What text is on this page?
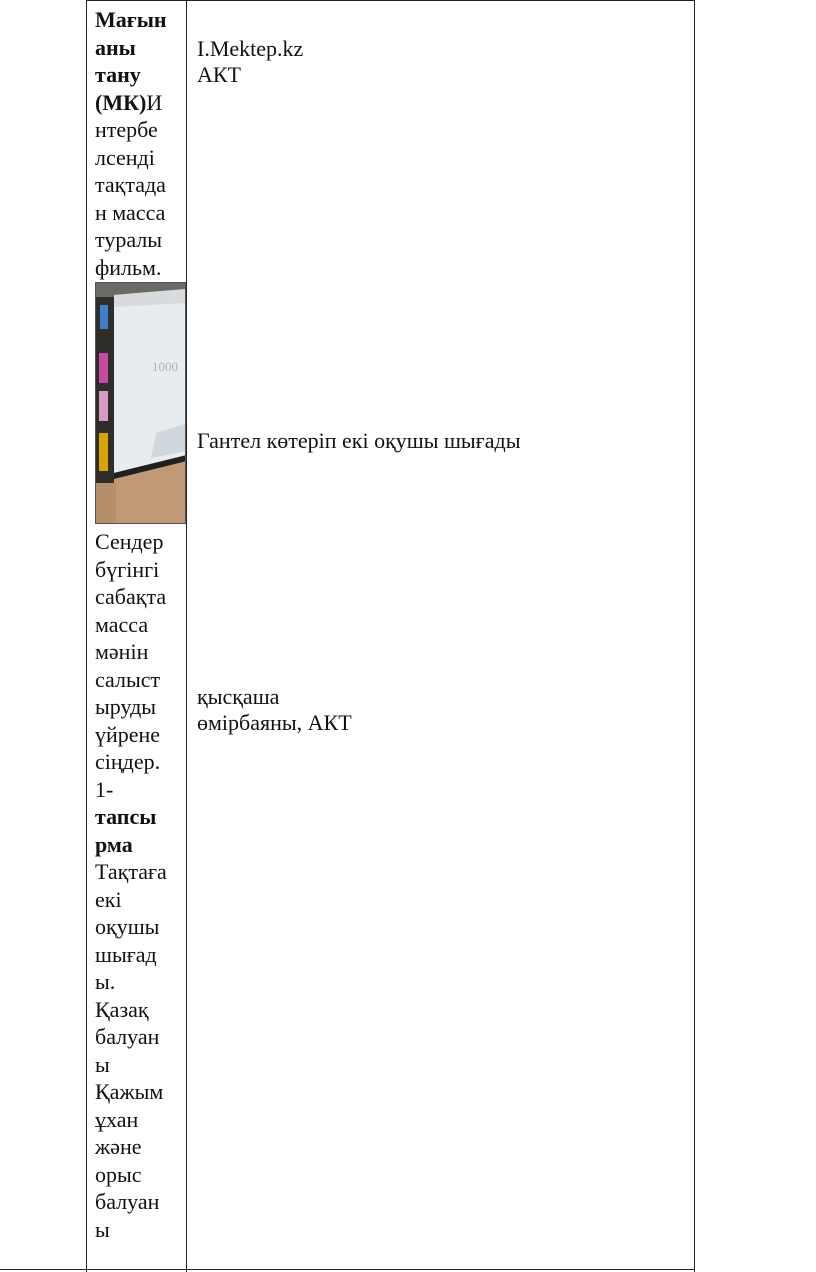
Мағын
аны
тану
(МК)И
нтербе
лсенді
тақтада
н масса
туралы
фильм.
1000
Сендер
бүгінгі
сабақта
масса
мәнін
салыст
ыруды
үйрене
сіңдер.
1-
тапсы
рма
Тақтаға
екі
оқушы
шығад
ы.
Қазақ
балуан
ы
Қажым
ұхан
және
орыс
балуан
ы
I.Mektep.kz
АКТ
Гантел көтеріп екі оқушы шығады
қысқаша
өмірбаяны, АКТ
